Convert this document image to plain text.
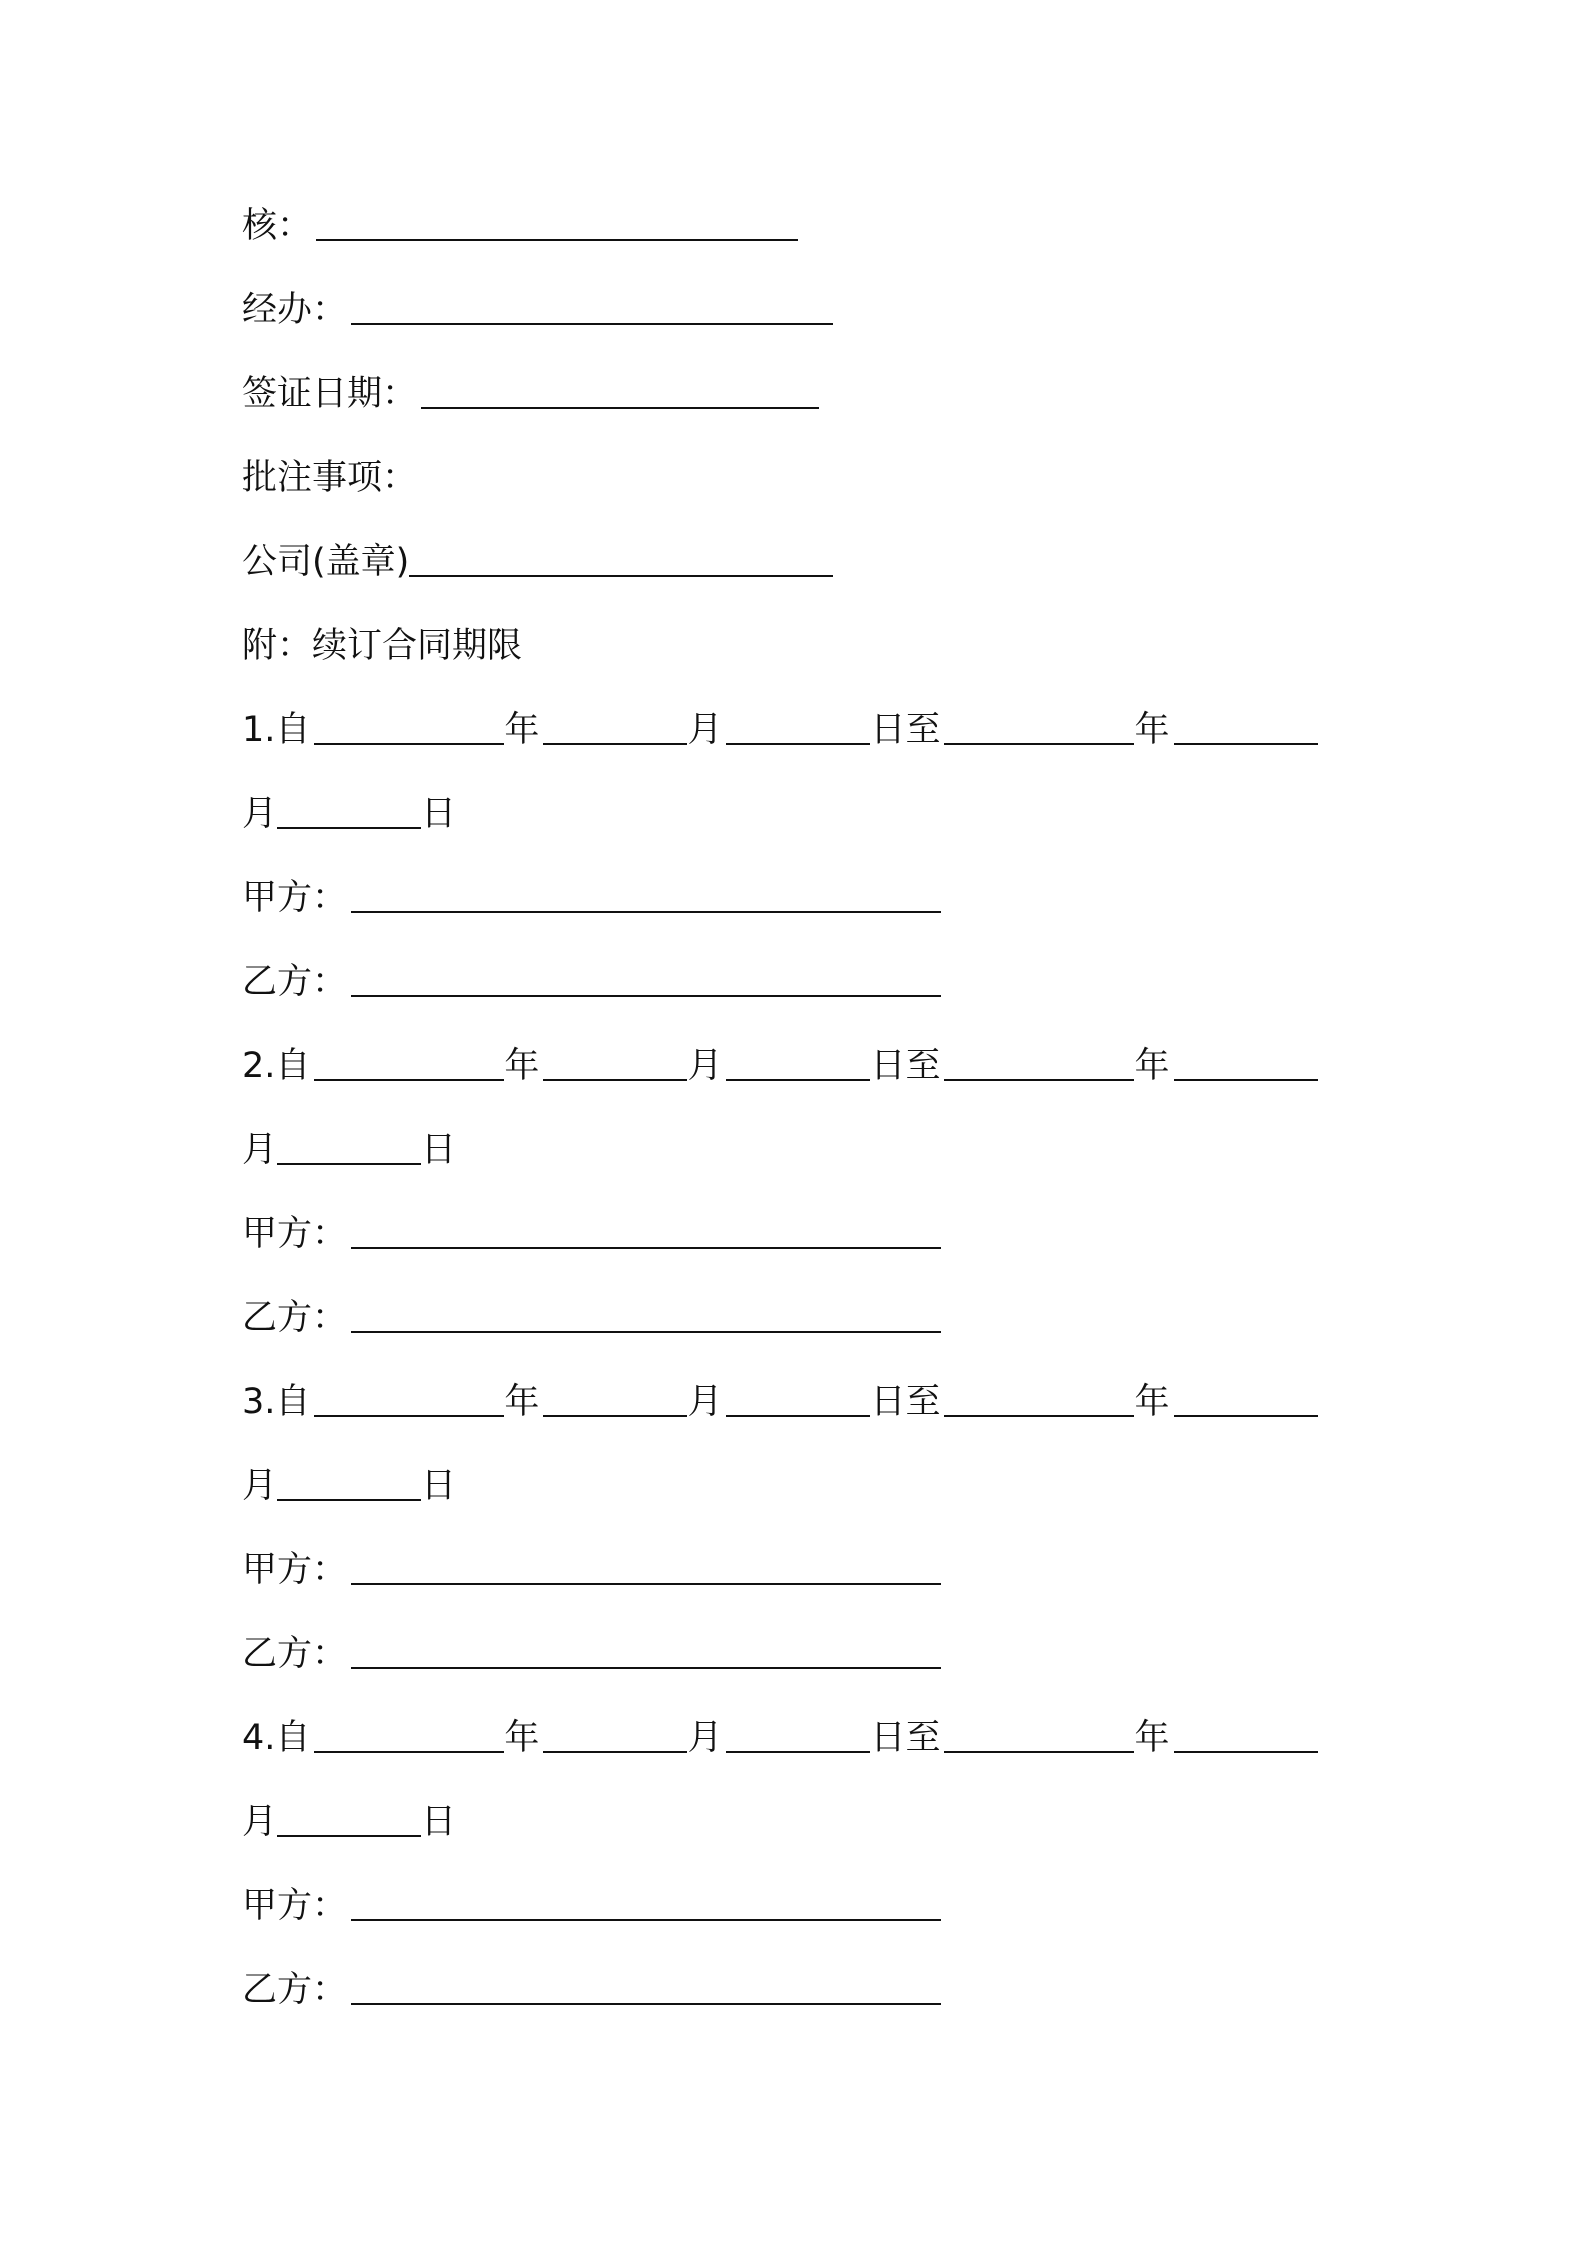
核：
经办：
签证日期：
批注事项：
公司(盖章)
附：续订合同期限
1. 自	年	月	日 至	年
月	日
甲方：
乙方：
2. 自	年	月	日 至	年
月	日
甲方：
乙方：
3. 自	年	月	日 至	年
月	日
甲方：
乙方：
4. 自	年	月	日 至	年
月	日
甲方：
乙方：
